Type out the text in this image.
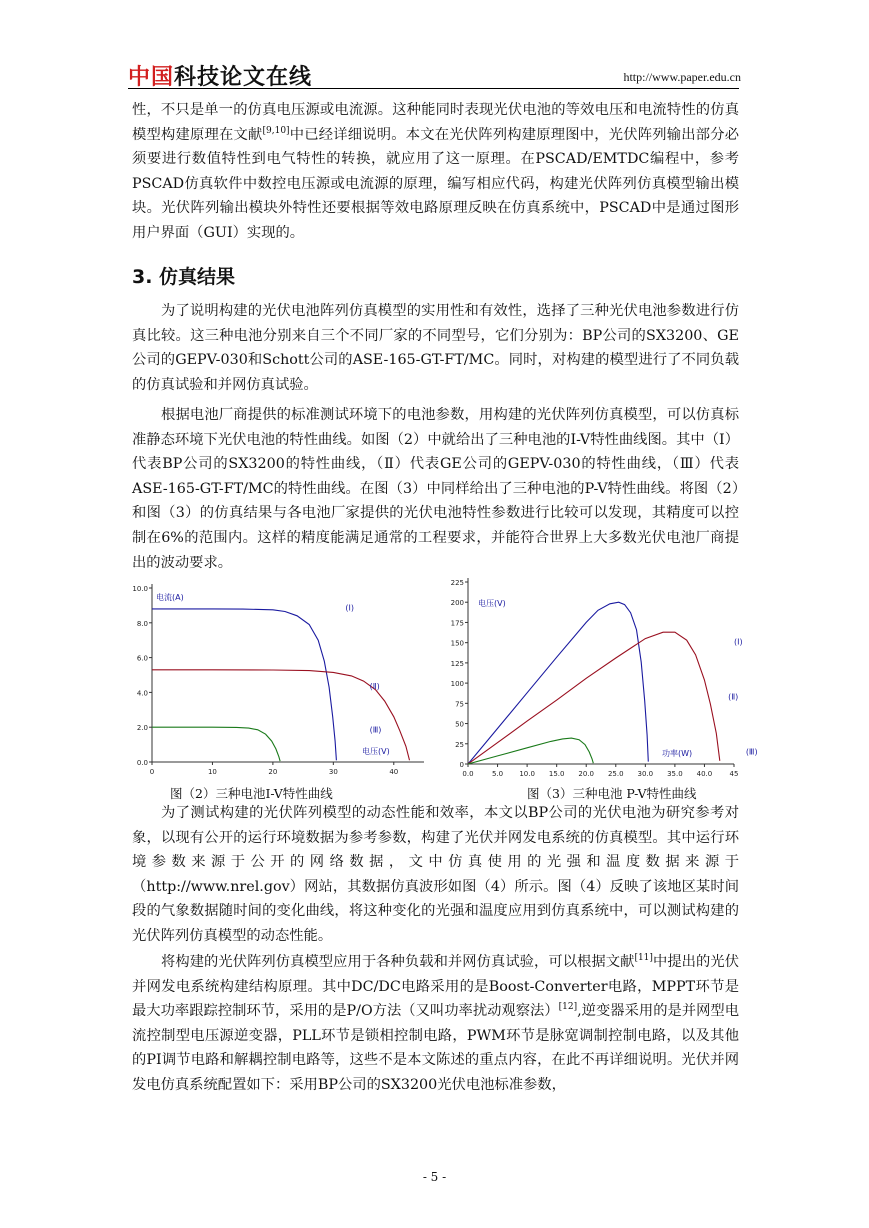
中国科技论文在线	http://www.paper.edu.cn

性，不只是单一的仿真电压源或电流源。这种能同时表现光伏电池的等效电压和电流特性的仿真模型构建原理在文献[9,10]中已经详细说明。本文在光伏阵列构建原理图中，光伏阵列输出部分必须要进行数值特性到电气特性的转换，就应用了这一原理。在PSCAD/EMTDC编程中，参考PSCAD仿真软件中数控电压源或电流源的原理，编写相应代码，构建光伏阵列仿真模型输出模块。光伏阵列输出模块外特性还要根据等效电路原理反映在仿真系统中，PSCAD中是通过图形用户界面（GUI）实现的。

3. 仿真结果

为了说明构建的光伏电池阵列仿真模型的实用性和有效性，选择了三种光伏电池参数进行仿真比较。这三种电池分别来自三个不同厂家的不同型号，它们分别为：BP公司的SX3200、GE公司的GEPV-030和Schott公司的ASE-165-GT-FT/MC。同时，对构建的模型进行了不同负载的仿真试验和并网仿真试验。

根据电池厂商提供的标准测试环境下的电池参数，用构建的光伏阵列仿真模型，可以仿真标准静态环境下光伏电池的特性曲线。如图（2）中就给出了三种电池的I-V特性曲线图。其中（Ⅰ）代表BP公司的SX3200的特性曲线，（Ⅱ）代表GE公司的GEPV-030的特性曲线，（Ⅲ）代表ASE-165-GT-FT/MC的特性曲线。在图（3）中同样给出了三种电池的P-V特性曲线。将图（2）和图（3）的仿真结果与各电池厂家提供的光伏电池特性参数进行比较可以发现，其精度可以控制在6%的范围内。这样的精度能满足通常的工程要求，并能符合世界上大多数光伏电池厂商提出的波动要求。

0.0
2.0
4.0
6.0
8.0
10.0
0	10	20	30	40
(Ⅰ)
(Ⅱ)
(Ⅲ)
电流(A)
电压(V)
图（2）三种电池I-V特性曲线
0
25
50
75
100
125
150
175
200
225
0.0	5.0 10.0 15.0 20.0 25.0 30.0 35.0 40.0 45
(Ⅰ)
(Ⅱ)
(Ⅲ)
电压(V)
功率(W)
图（3）三种电池 P-V特性曲线

为了测试构建的光伏阵列模型的动态性能和效率，本文以BP公司的光伏电池为研究参考对象，以现有公开的运行环境数据为参考参数，构建了光伏并网发电系统的仿真模型。其中运行环境参数来源于公开的网络数据，文中仿真使用的光强和温度数据来源于（http://www.nrel.gov）网站，其数据仿真波形如图（4）所示。图（4）反映了该地区某时间段的气象数据随时间的变化曲线，将这种变化的光强和温度应用到仿真系统中，可以测试构建的光伏阵列仿真模型的动态性能。

将构建的光伏阵列仿真模型应用于各种负载和并网仿真试验，可以根据文献[11]中提出的光伏并网发电系统构建结构原理。其中DC/DC电路采用的是Boost-Converter电路，MPPT环节是最大功率跟踪控制环节，采用的是P/O方法（又叫功率扰动观察法）[12],逆变器采用的是并网型电流控制型电压源逆变器，PLL环节是锁相控制电路，PWM环节是脉宽调制控制电路，以及其他的PI调节电路和解耦控制电路等，这些不是本文陈述的重点内容，在此不再详细说明。光伏并网发电仿真系统配置如下：采用BP公司的SX3200光伏电池标准参数，

- 5 -
